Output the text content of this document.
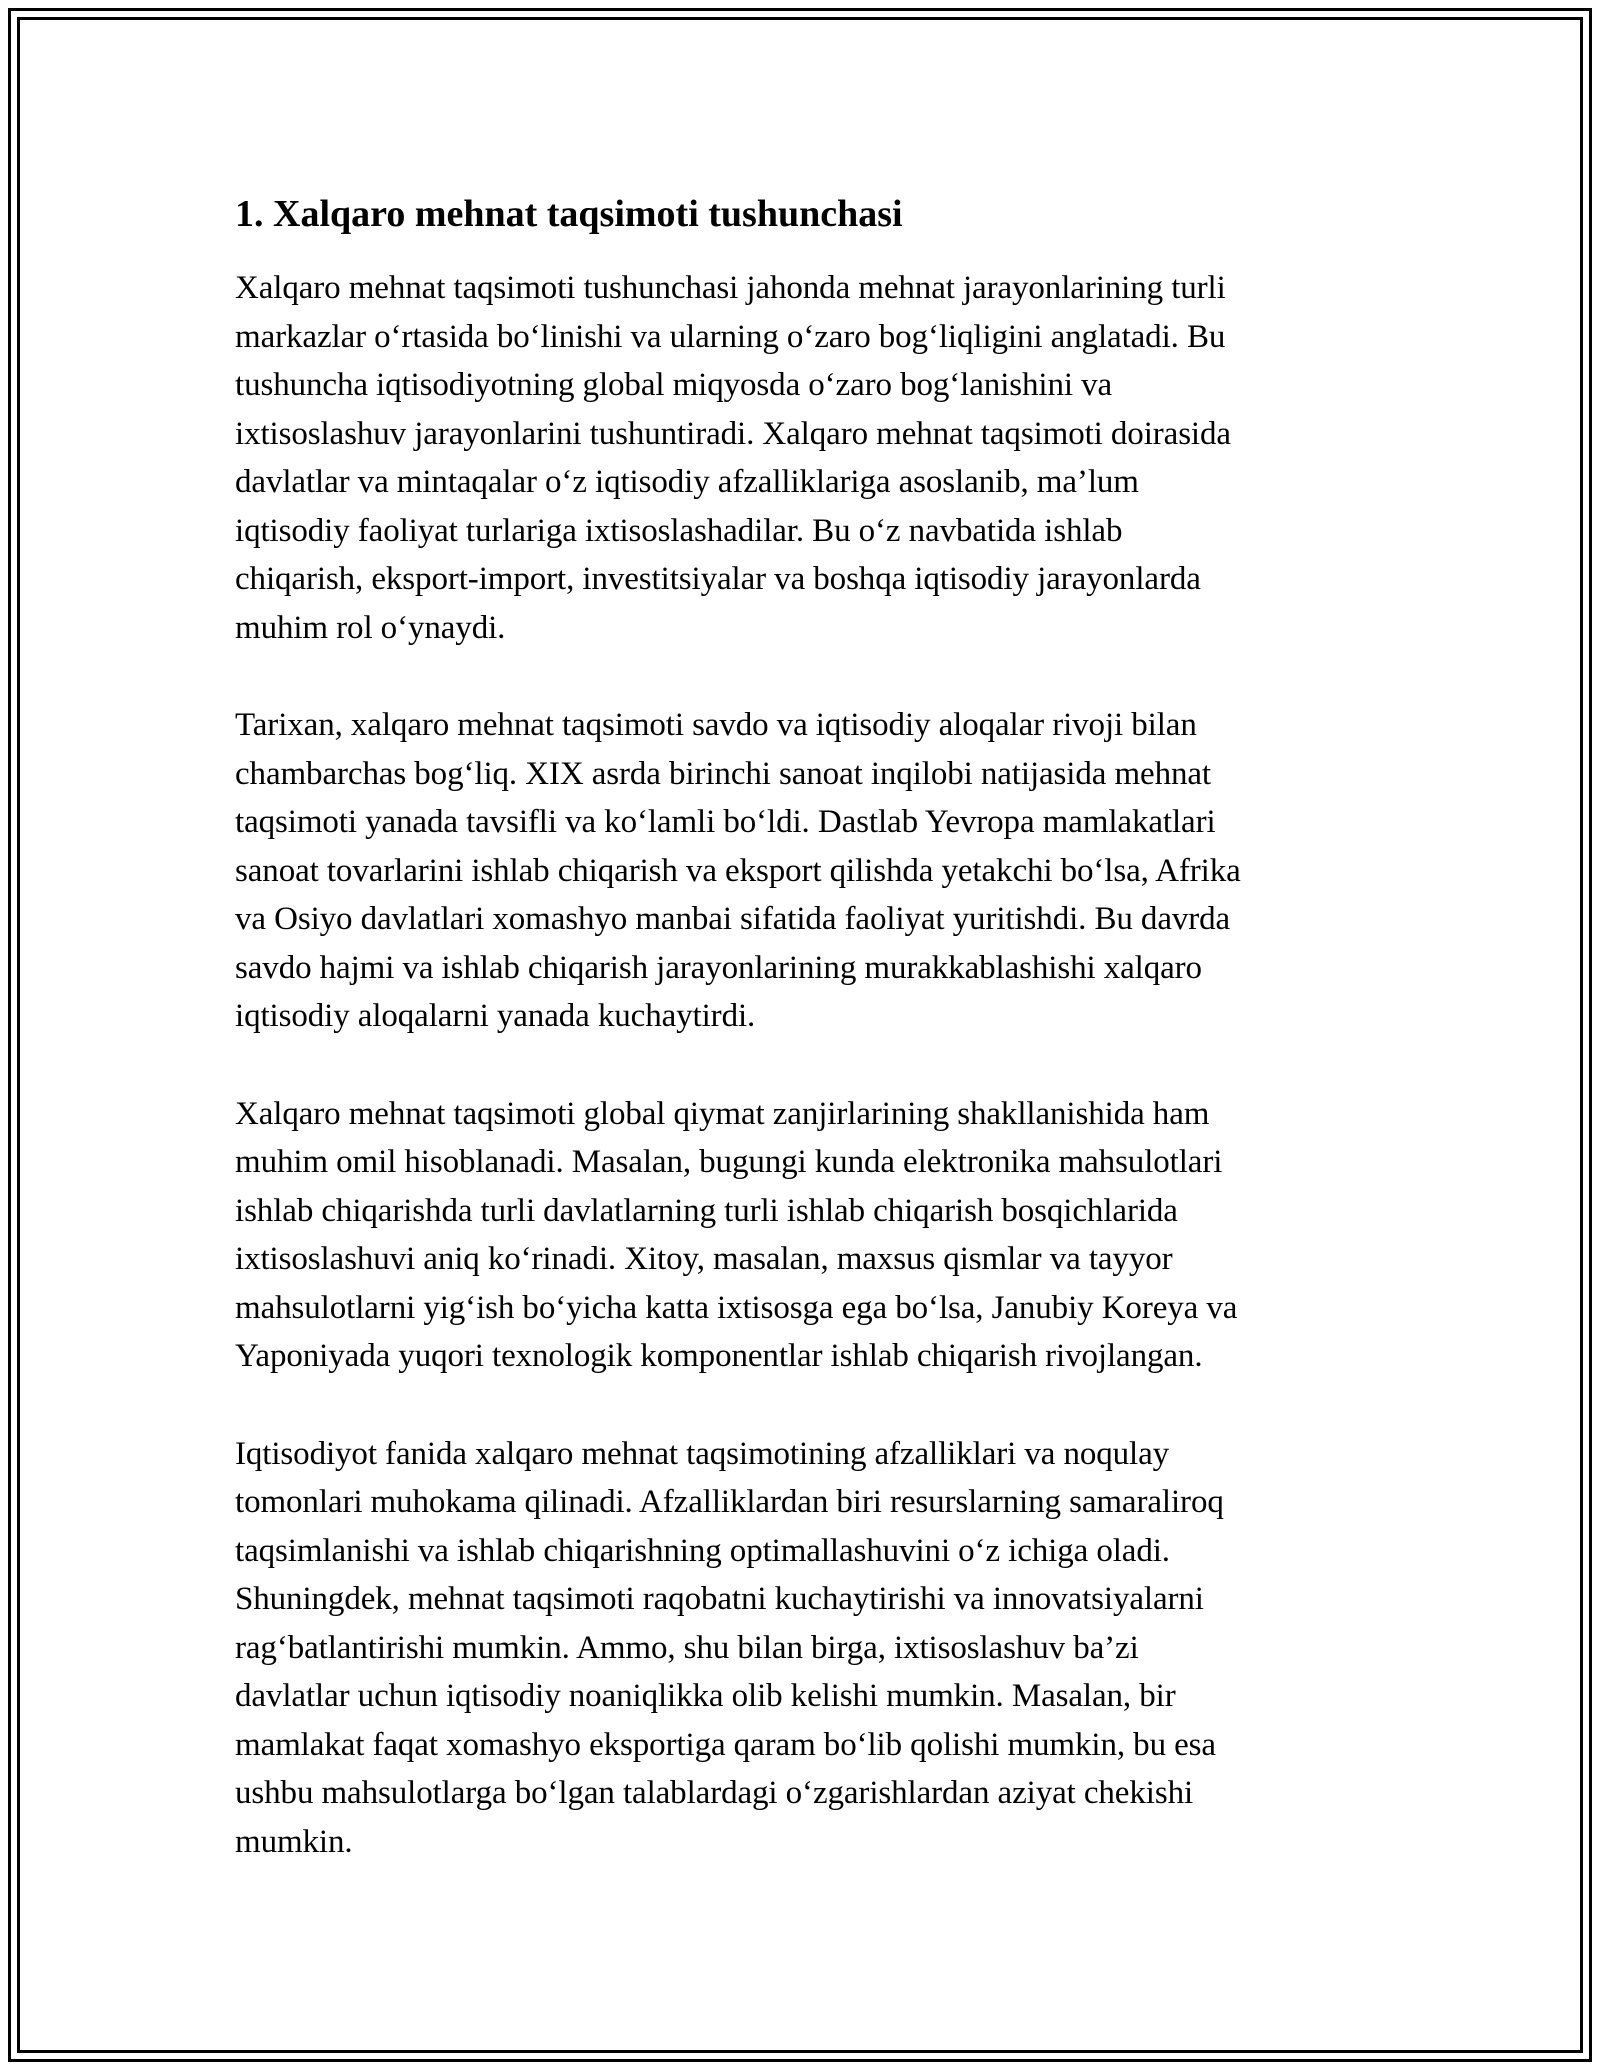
1. Xalqaro mehnat taqsimoti tushunchasi

Xalqaro mehnat taqsimoti tushunchasi jahonda mehnat jarayonlarining turli
markazlar o‘rtasida bo‘linishi va ularning o‘zaro bog‘liqligini anglatadi. Bu
tushuncha iqtisodiyotning global miqyosda o‘zaro bog‘lanishini va
ixtisoslashuv jarayonlarini tushuntiradi. Xalqaro mehnat taqsimoti doirasida
davlatlar va mintaqalar o‘z iqtisodiy afzalliklariga asoslanib, ma’lum
iqtisodiy faoliyat turlariga ixtisoslashadilar. Bu o‘z navbatida ishlab
chiqarish, eksport-import, investitsiyalar va boshqa iqtisodiy jarayonlarda
muhim rol o‘ynaydi.

Tarixan, xalqaro mehnat taqsimoti savdo va iqtisodiy aloqalar rivoji bilan
chambarchas bog‘liq. XIX asrda birinchi sanoat inqilobi natijasida mehnat
taqsimoti yanada tavsifli va ko‘lamli bo‘ldi. Dastlab Yevropa mamlakatlari
sanoat tovarlarini ishlab chiqarish va eksport qilishda yetakchi bo‘lsa, Afrika
va Osiyo davlatlari xomashyo manbai sifatida faoliyat yuritishdi. Bu davrda
savdo hajmi va ishlab chiqarish jarayonlarining murakkablashishi xalqaro
iqtisodiy aloqalarni yanada kuchaytirdi.

Xalqaro mehnat taqsimoti global qiymat zanjirlarining shakllanishida ham
muhim omil hisoblanadi. Masalan, bugungi kunda elektronika mahsulotlari
ishlab chiqarishda turli davlatlarning turli ishlab chiqarish bosqichlarida
ixtisoslashuvi aniq ko‘rinadi. Xitoy, masalan, maxsus qismlar va tayyor
mahsulotlarni yig‘ish bo‘yicha katta ixtisosga ega bo‘lsa, Janubiy Koreya va
Yaponiyada yuqori texnologik komponentlar ishlab chiqarish rivojlangan.

Iqtisodiyot fanida xalqaro mehnat taqsimotining afzalliklari va noqulay
tomonlari muhokama qilinadi. Afzalliklardan biri resurslarning samaraliroq
taqsimlanishi va ishlab chiqarishning optimallashuvini o‘z ichiga oladi.
Shuningdek, mehnat taqsimoti raqobatni kuchaytirishi va innovatsiyalarni
rag‘batlantirishi mumkin. Ammo, shu bilan birga, ixtisoslashuv ba’zi
davlatlar uchun iqtisodiy noaniqlikka olib kelishi mumkin. Masalan, bir
mamlakat faqat xomashyo eksportiga qaram bo‘lib qolishi mumkin, bu esa
ushbu mahsulotlarga bo‘lgan talablardagi o‘zgarishlardan aziyat chekishi
mumkin.
